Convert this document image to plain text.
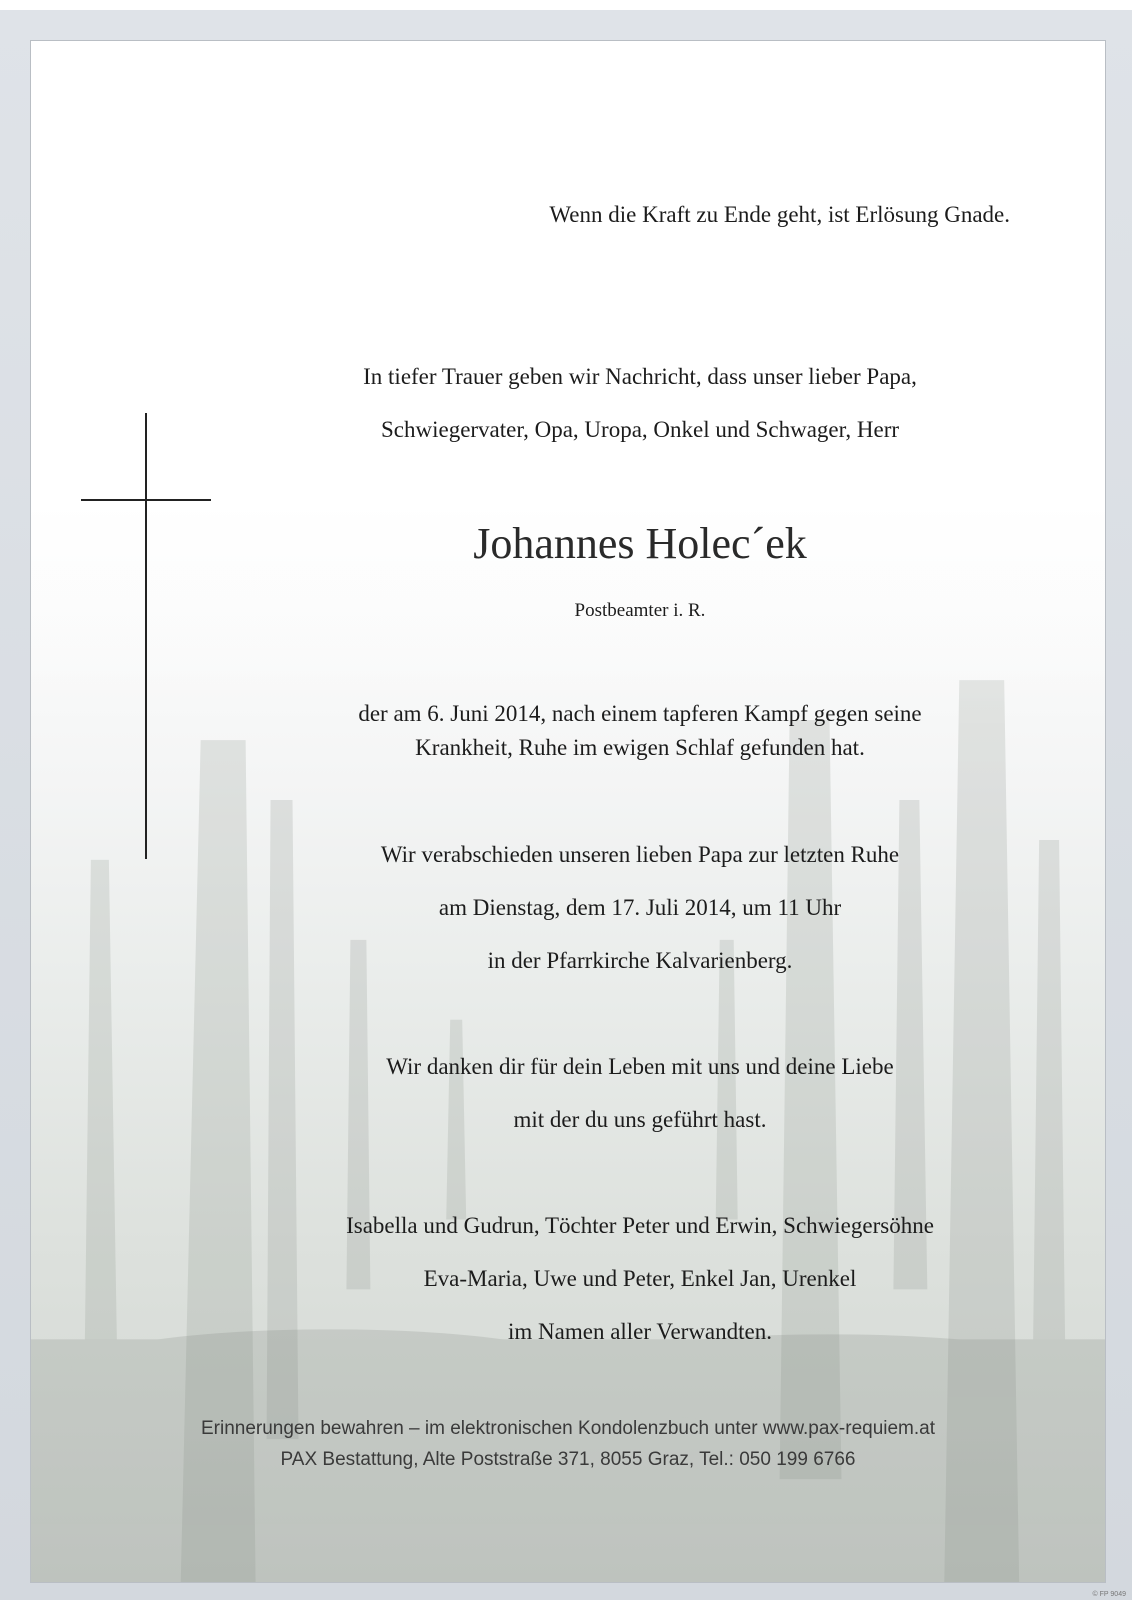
Wenn die Kraft zu Ende geht, ist Erlösung Gnade.
In tiefer Trauer geben wir Nachricht, dass unser lieber Papa,
Schwiegervater, Opa, Uropa, Onkel und Schwager, Herr
Johannes Holec´ek
Postbeamter i. R.
der am 6. Juni 2014, nach einem tapferen Kampf gegen seine
Krankheit, Ruhe im ewigen Schlaf gefunden hat.
Wir verabschieden unseren lieben Papa zur letzten Ruhe
am Dienstag, dem 17. Juli 2014, um 11 Uhr
in der Pfarrkirche Kalvarienberg.
Wir danken dir für dein Leben mit uns und deine Liebe
mit der du uns geführt hast.
Isabella und Gudrun, Töchter Peter und Erwin, Schwiegersöhne
Eva-Maria, Uwe und Peter, Enkel Jan, Urenkel
im Namen aller Verwandten.
Erinnerungen bewahren – im elektronischen Kondolenzbuch unter www.pax-requiem.at
PAX Bestattung, Alte Poststraße 371, 8055 Graz, Tel.: 050 199 6766
© FP 9049
